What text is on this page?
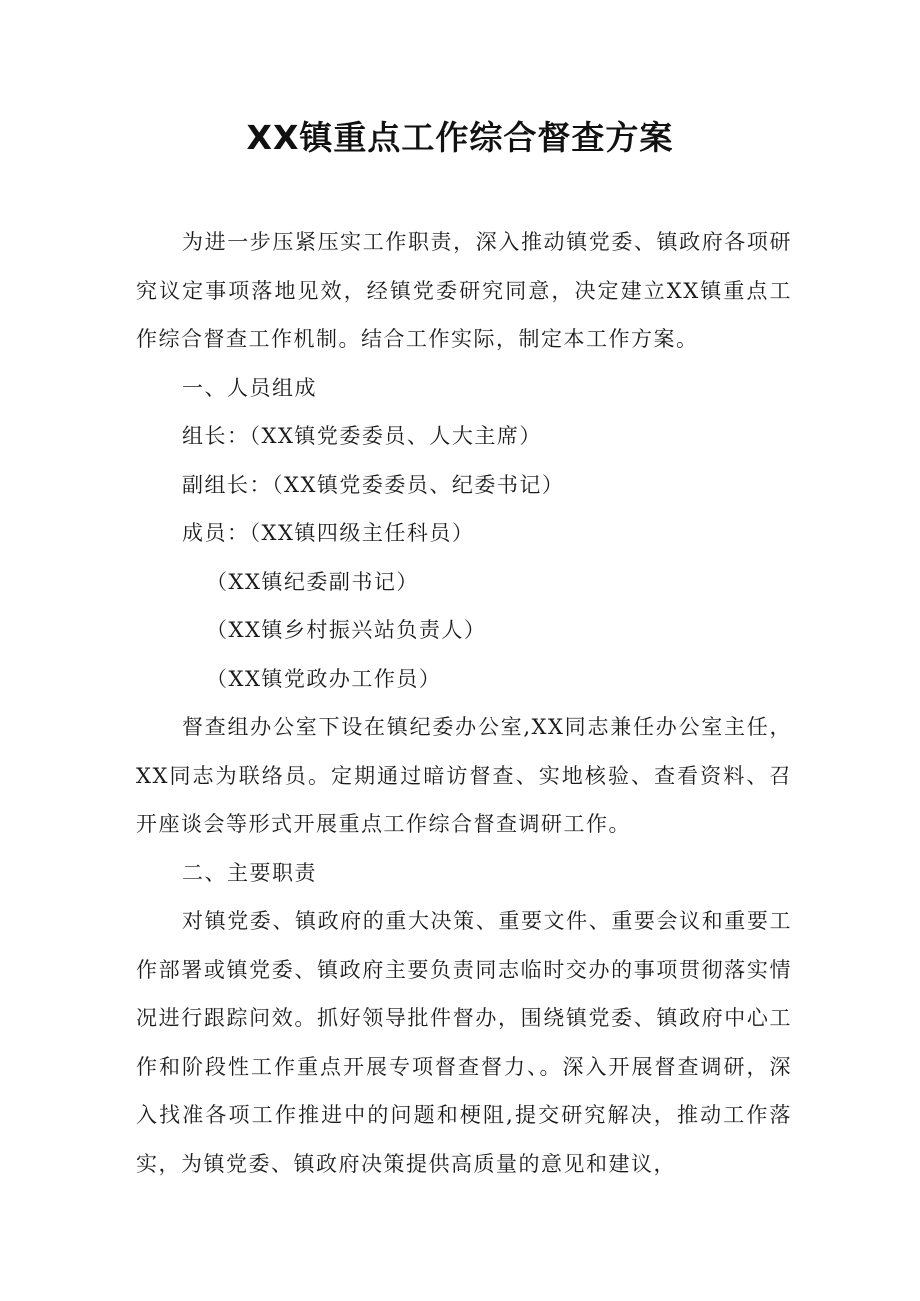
XX镇重点工作综合督查方案

为进一步压紧压实工作职责，深入推动镇党委、镇政府各项研究议定事项落地见效，经镇党委研究同意，决定建立XX镇重点工作综合督查工作机制。结合工作实际，制定本工作方案。

一、人员组成

组长：（XX镇党委委员、人大主席）

副组长：（XX镇党委委员、纪委书记）

成员：（XX镇四级主任科员）

（XX镇纪委副书记）

（XX镇乡村振兴站负责人）

（XX镇党政办工作员）

督查组办公室下设在镇纪委办公室,XX同志兼任办公室主任，XX同志为联络员。定期通过暗访督查、实地核验、查看资料、召开座谈会等形式开展重点工作综合督查调研工作。

二、主要职责

对镇党委、镇政府的重大决策、重要文件、重要会议和重要工作部署或镇党委、镇政府主要负责同志临时交办的事项贯彻落实情况进行跟踪问效。抓好领导批件督办，围绕镇党委、镇政府中心工作和阶段性工作重点开展专项督查督力、。深入开展督查调研，深入找准各项工作推进中的问题和梗阻,提交研究解决，推动工作落实，为镇党委、镇政府决策提供高质量的意见和建议，
